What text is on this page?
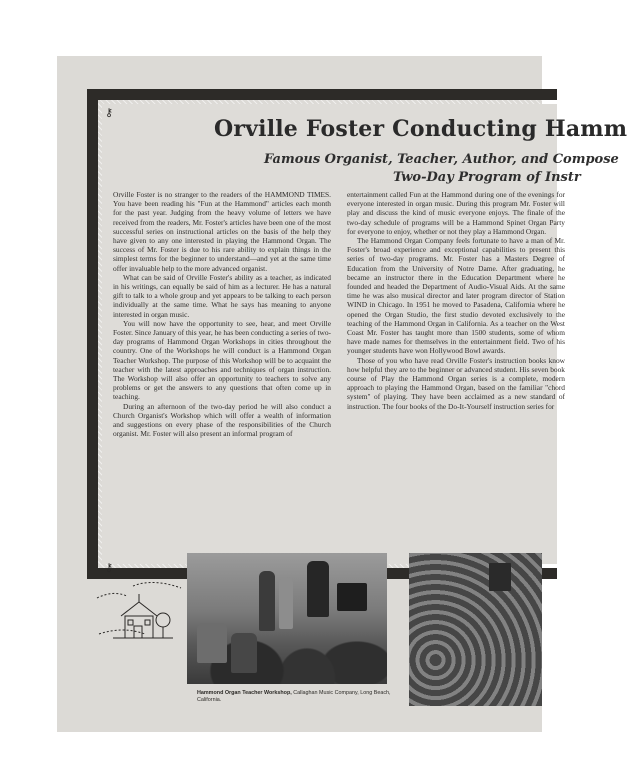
⚷
⚷
Orville Foster Conducting Hamm
Famous Organist, Teacher, Author, and Compose
Two-Day Program of Instr

Orville Foster is no stranger to the readers of the HAMMOND TIMES. You have been reading his "Fun at the Hammond" articles each month for the past year. Judging from the heavy volume of letters we have received from the readers, Mr. Foster's articles have been one of the most successful series on instructional articles on the basis of the help they have given to any one interested in playing the Hammond Organ. The success of Mr. Foster is due to his rare ability to explain things in the simplest terms for the beginner to understand—and yet at the same time offer invaluable help to the more advanced organist.

What can be said of Orville Foster's ability as a teacher, as indicated in his writings, can equally be said of him as a lecturer. He has a natural gift to talk to a whole group and yet appears to be talking to each person individually at the same time. What he says has meaning to anyone interested in organ music.

You will now have the opportunity to see, hear, and meet Orville Foster. Since January of this year, he has been conducting a series of two-day programs of Hammond Organ Workshops in cities throughout the country. One of the Workshops he will conduct is a Hammond Organ Teacher Workshop. The purpose of this Workshop will be to acquaint the teacher with the latest approaches and techniques of organ instruction. The Workshop will also offer an opportunity to teachers to solve any problems or get the answers to any questions that often come up in teaching.

During an afternoon of the two-day period he will also conduct a Church Organist's Workshop which will offer a wealth of information and suggestions on every phase of the responsibilities of the Church organist. Mr. Foster will also present an informal program of

entertainment called Fun at the Hammond during one of the evenings for everyone interested in organ music. During this program Mr. Foster will play and discuss the kind of music everyone enjoys. The finale of the two-day schedule of programs will be a Hammond Spinet Organ Party for everyone to enjoy, whether or not they play a Hammond Organ.

The Hammond Organ Company feels fortunate to have a man of Mr. Foster's broad experience and exceptional capabilities to present this series of two-day programs. Mr. Foster has a Masters Degree of Education from the University of Notre Dame. After graduating, he became an instructor there in the Education Department where he founded and headed the Department of Audio-Visual Aids. At the same time he was also musical director and later program director of Station WIND in Chicago. In 1951 he moved to Pasadena, California where he opened the Organ Studio, the first studio devoted exclusively to the teaching of the Hammond Organ in California. As a teacher on the West Coast Mr. Foster has taught more than 1500 students, some of whom have made names for themselves in the entertainment field. Two of his younger students have won Hollywood Bowl awards.

Those of you who have read Orville Foster's instruction books know how helpful they are to the beginner or advanced student. His seven book course of Play the Hammond Organ series is a complete, modern approach to playing the Hammond Organ, based on the familiar "chord system" of playing. They have been acclaimed as a new standard of instruction. The four books of the Do-It-Yourself instruction series for

Hammond Organ Teacher Workshop, Callaghan Music Company, Long Beach, California.
